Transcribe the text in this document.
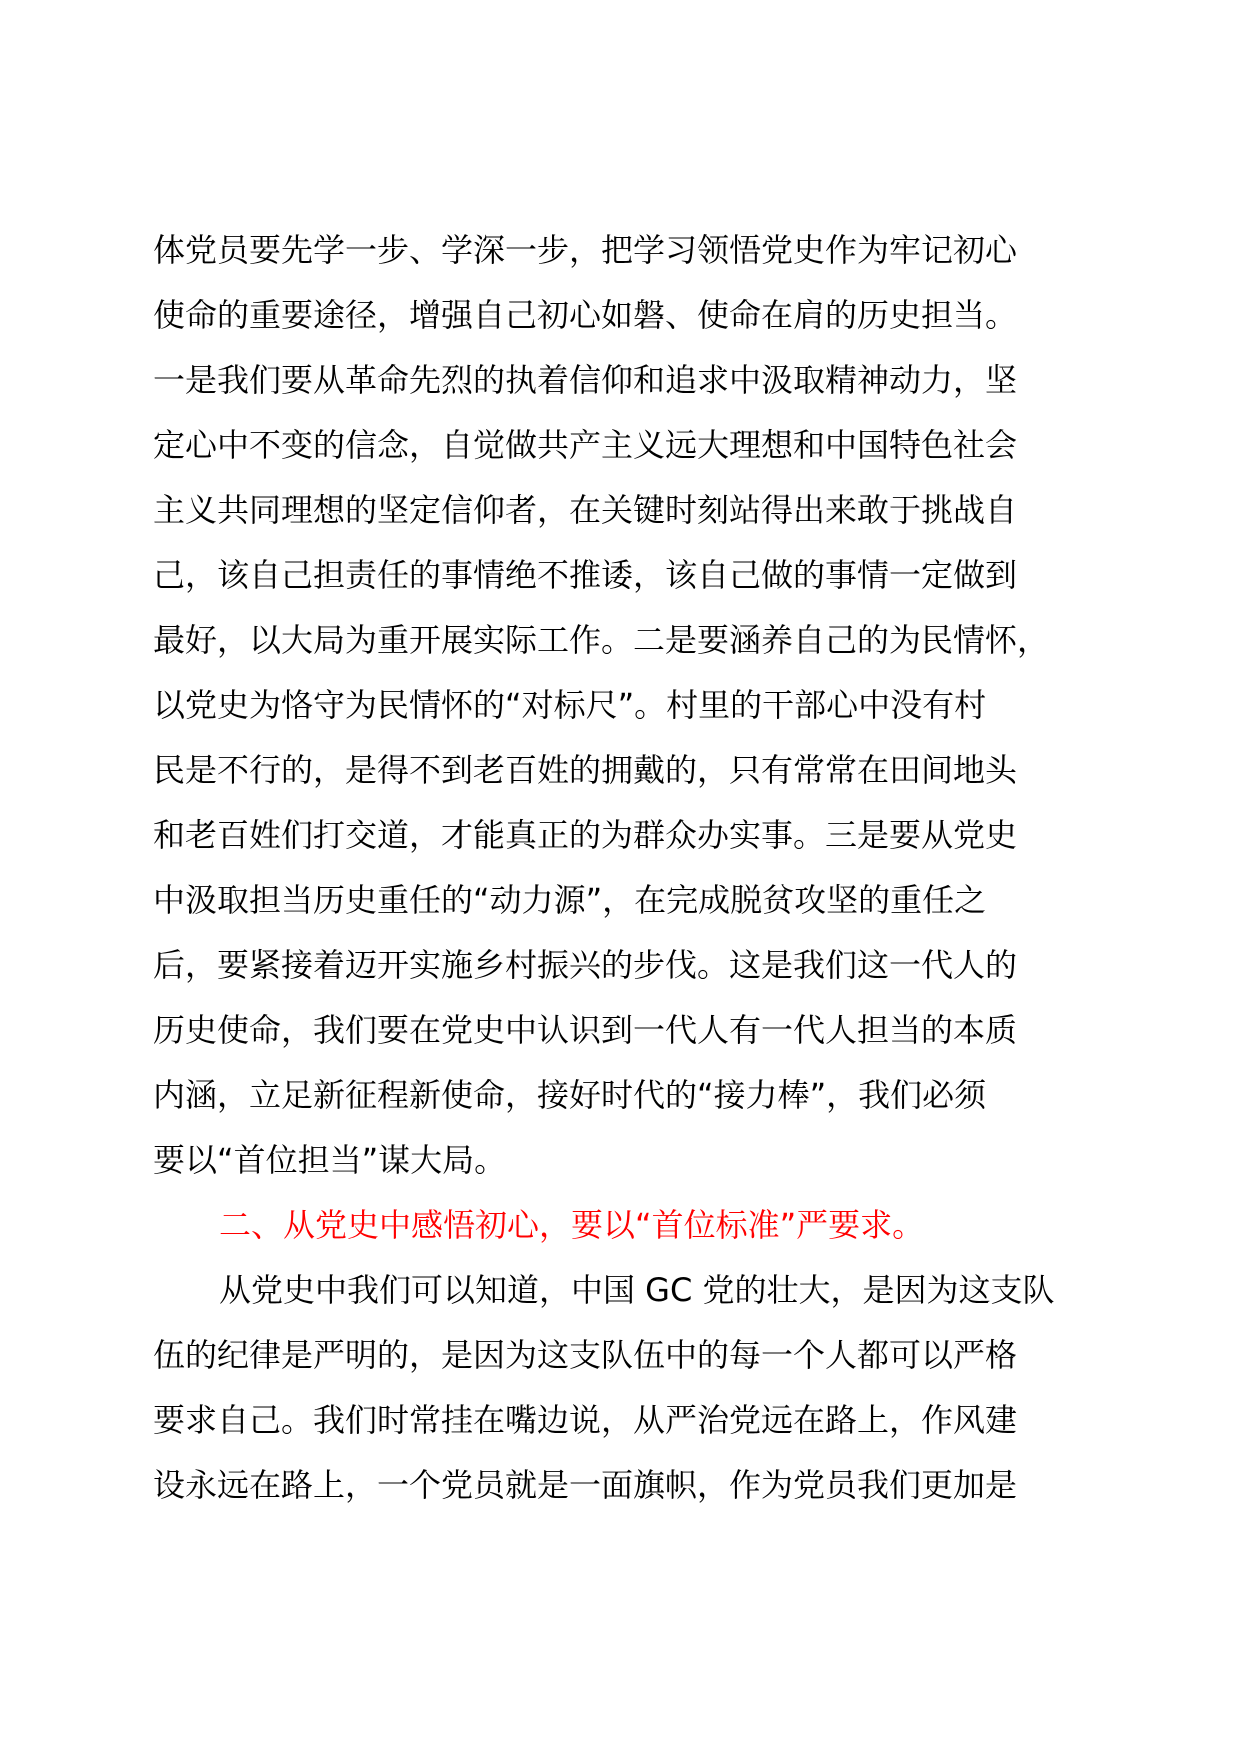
体党员要先学一步、学深一步，把学习领悟党史作为牢记初心
使命的重要途径，增强自己初心如磐、使命在肩的历史担当。
一是我们要从革命先烈的执着信仰和追求中汲取精神动力，坚
定心中不变的信念，自觉做共产主义远大理想和中国特色社会
主义共同理想的坚定信仰者，在关键时刻站得出来敢于挑战自
己，该自己担责任的事情绝不推诿，该自己做的事情一定做到
最好，以大局为重开展实际工作。二是要涵养自己的为民情怀，
以党史为恪守为民情怀的“对标尺”。村里的干部心中没有村
民是不行的，是得不到老百姓的拥戴的，只有常常在田间地头
和老百姓们打交道，才能真正的为群众办实事。三是要从党史
中汲取担当历史重任的“动力源”，在完成脱贫攻坚的重任之
后，要紧接着迈开实施乡村振兴的步伐。这是我们这一代人的
历史使命，我们要在党史中认识到一代人有一代人担当的本质
内涵，立足新征程新使命，接好时代的“接力棒”，我们必须
要以“首位担当”谋大局。
二、从党史中感悟初心，要以“首位标准”严要求。
从党史中我们可以知道，中国 GC 党的壮大，是因为这支队
伍的纪律是严明的，是因为这支队伍中的每一个人都可以严格
要求自己。我们时常挂在嘴边说，从严治党远在路上，作风建
设永远在路上，一个党员就是一面旗帜，作为党员我们更加是
